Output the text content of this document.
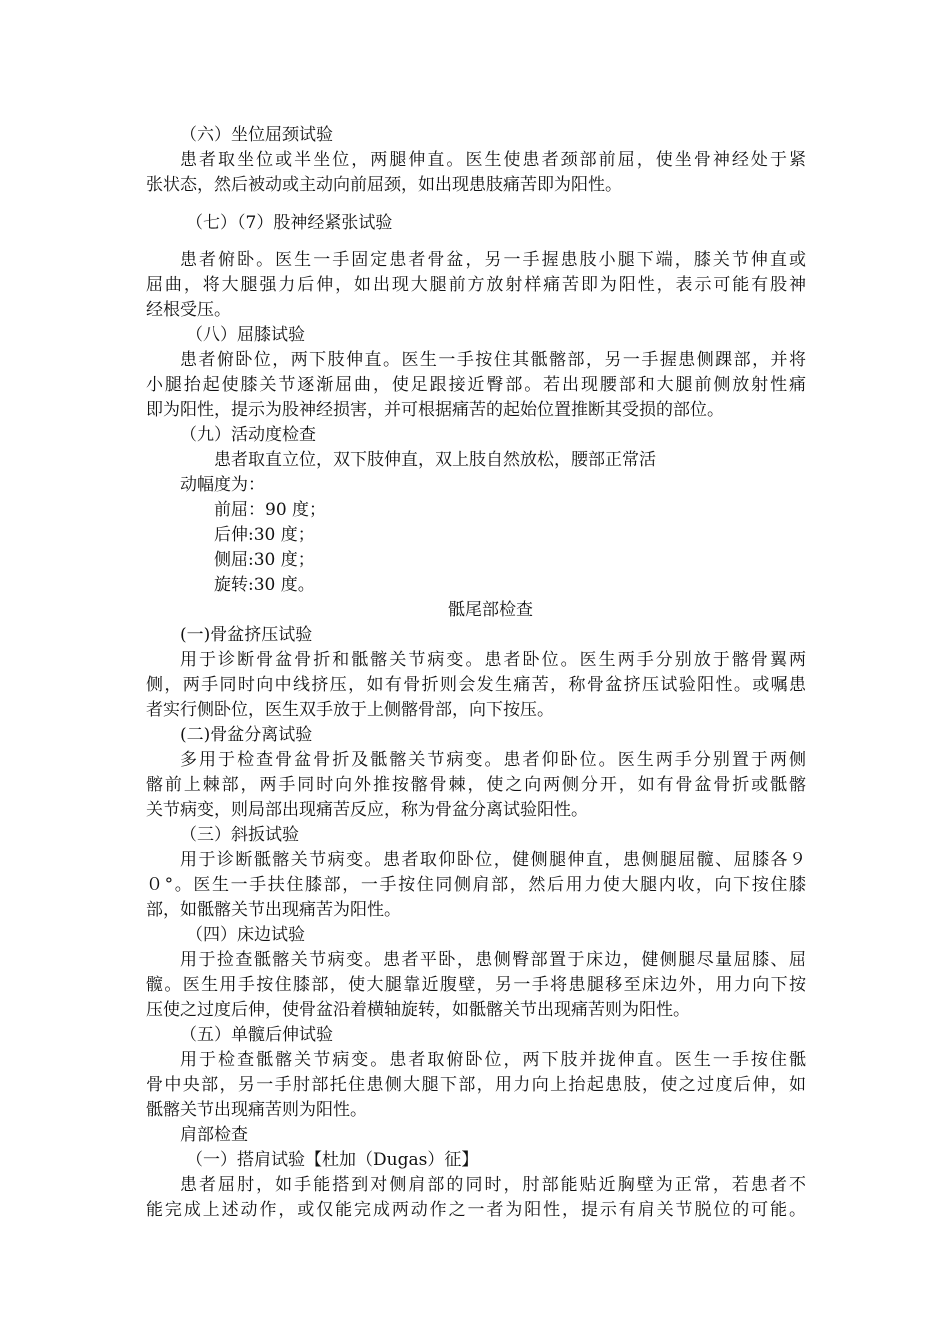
（六）坐位屈颈试验
患者取坐位或半坐位，两腿伸直。医生使患者颈部前屈，使坐骨神经处于紧
张状态，然后被动或主动向前屈颈，如出现患肢痛苦即为阳性。
（七）（7）股神经紧张试验
患者俯卧。医生一手固定患者骨盆，另一手握患肢小腿下端，膝关节伸直或
屈曲，将大腿强力后伸，如出现大腿前方放射样痛苦即为阳性，表示可能有股神
经根受压。
（八）屈膝试验
患者俯卧位，两下肢伸直。医生一手按住其骶髂部，另一手握患侧踝部，并将
小腿抬起使膝关节逐渐屈曲，使足跟接近臀部。若出现腰部和大腿前侧放射性痛
即为阳性，提示为股神经损害，并可根据痛苦的起始位置推断其受损的部位。
（九）活动度检查
患者取直立位，双下肢伸直，双上肢自然放松，腰部正常活
动幅度为：
前屈：90 度；
后伸:30 度；
侧屈:30 度；
旋转:30 度。
骶尾部检查
(一)骨盆挤压试验
用于诊断骨盆骨折和骶髂关节病变。患者卧位。医生两手分别放于髂骨翼两
侧，两手同时向中线挤压，如有骨折则会发生痛苦，称骨盆挤压试验阳性。或嘱患
者实行侧卧位，医生双手放于上侧髂骨部，向下按压。
(二)骨盆分离试验
多用于检查骨盆骨折及骶髂关节病变。患者仰卧位。医生两手分别置于两侧
髂前上棘部，两手同时向外推按髂骨棘，使之向两侧分开，如有骨盆骨折或骶髂
关节病变，则局部出现痛苦反应，称为骨盆分离试验阳性。
（三）斜扳试验
用于诊断骶髂关节病变。患者取仰卧位，健侧腿伸直，患侧腿屈髋、屈膝各９
０°。医生一手扶住膝部，一手按住同侧肩部，然后用力使大腿内收，向下按住膝
部，如骶髂关节出现痛苦为阳性。
（四）床边试验
用于捡查骶髂关节病变。患者平卧，患侧臀部置于床边，健侧腿尽量屈膝、屈
髋。医生用手按住膝部，使大腿靠近腹壁，另一手将患腿移至床边外，用力向下按
压使之过度后伸，使骨盆沿着横轴旋转，如骶髂关节出现痛苦则为阳性。
（五）单髋后伸试验
用于检查骶髂关节病变。患者取俯卧位，两下肢并拢伸直。医生一手按住骶
骨中央部，另一手肘部托住患侧大腿下部，用力向上抬起患肢，使之过度后伸，如
骶髂关节出现痛苦则为阳性。
肩部检查
（一）搭肩试验【杜加（Dugas）征】
患者屈肘，如手能搭到对侧肩部的同时，肘部能贴近胸壁为正常，若患者不
能完成上述动作，或仅能完成两动作之一者为阳性，提示有肩关节脱位的可能。
